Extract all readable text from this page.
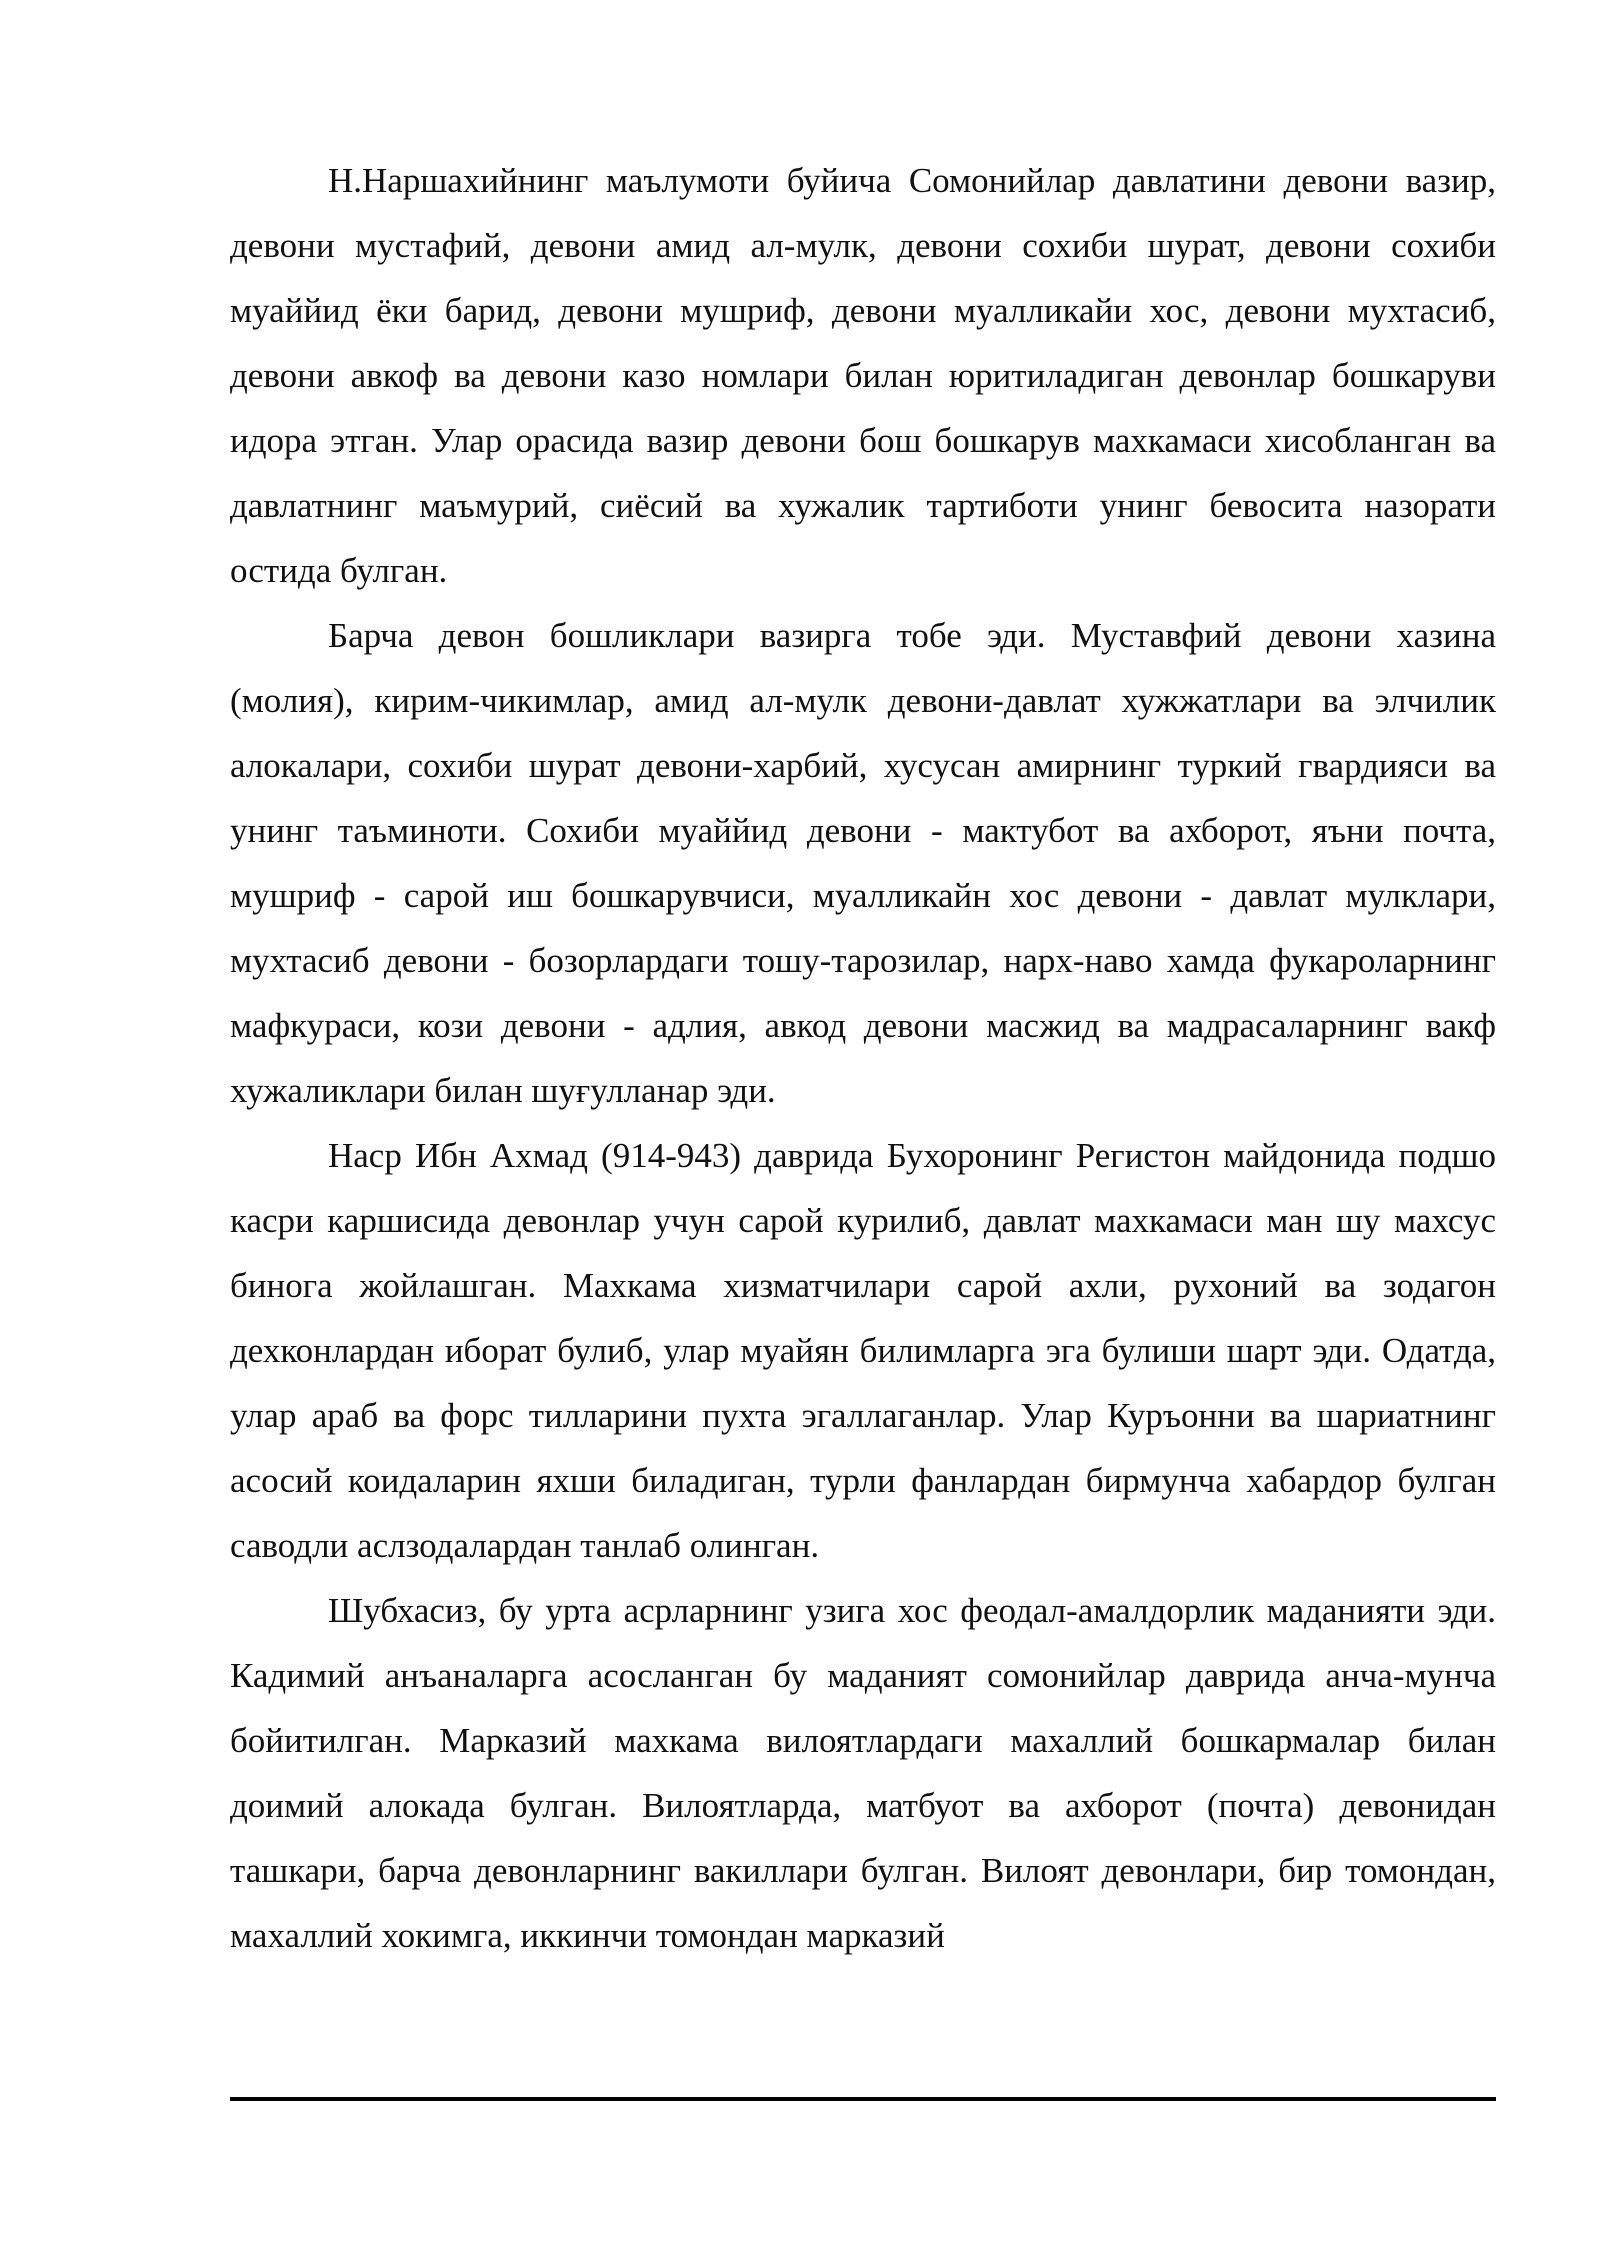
Н.Наршахийнинг маълумоти буйича Сомонийлар давлатини девони вазир, девони мустафий, девони амид ал-мулк, девони сохиби шурат, девони сохиби муаййид ёки барид, девони мушриф, девони муалликайи хос, девони мухтасиб, девони авкоф ва девони казо номлари билан юритиладиган девонлар бошкаруви идора этган. Улар орасида вазир девони бош бошкарув махкамаси хисобланган ва давлатнинг маъмурий, сиёсий ва хужалик тартиботи унинг бевосита назорати остида булган.

Барча девон бошликлари вазирга тобе эди. Муставфий девони хазина (молия), кирим-чикимлар, амид ал-мулк девони-давлат хужжатлари ва элчилик алокалари, сохиби шурат девони-харбий, хусусан амирнинг туркий гвардияси ва унинг таъминоти. Сохиби муаййид девони - мактубот ва ахборот, яъни почта, мушриф - сарой иш бошкарувчиси, муалликайн хос девони - давлат мулклари, мухтасиб девони - бозорлардаги тошу-тарозилар, нарх-наво хамда фукароларнинг мафкураси, кози девони - адлия, авкод девони масжид ва мадрасаларнинг вакф хужаликлари билан шуғулланар эди.

Наср Ибн Ахмад (914-943) даврида Бухоронинг Регистон майдонида подшо касри каршисида девонлар учун сарой курилиб, давлат махкамаси ман шу махсус бинога жойлашган. Махкама хизматчилари сарой ахли, рухоний ва зодагон дехконлардан иборат булиб, улар муайян билимларга эга булиши шарт эди. Одатда, улар араб ва форс тилларини пухта эгаллаганлар. Улар Куръонни ва шариатнинг асосий коидаларин яхши биладиган, турли фанлардан бирмунча хабардор булган саводли аслзодалардан танлаб олинган.

Шубхасиз, бу урта асрларнинг узига хос феодал-амалдорлик маданияти эди. Кадимий анъаналарга асосланган бу маданият сомонийлар даврида анча-мунча бойитилган. Марказий махкама вилоятлардаги махаллий бошкармалар билан доимий алокада булган. Вилоятларда, матбуот ва ахборот (почта) девонидан ташкари, барча девонларнинг вакиллари булган. Вилоят девонлари, бир томондан, махаллий хокимга, иккинчи томондан марказий
